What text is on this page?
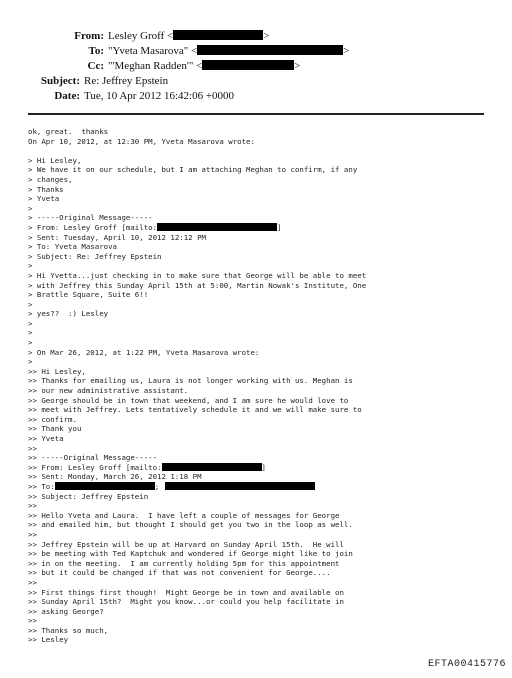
From: Lesley Groff <	>
To: "Yveta Masarova" <	>
Cc: "'Meghan Radden'" <	>
Subject: Re: Jeffrey Epstein
Date: Tue, 10 Apr 2012 16:42:06 +0000
ok, great.  thanks
On Apr 10, 2012, at 12:30 PM, Yveta Masarova wrote:
> Hi Lesley,
> We have it on our schedule, but I am attaching Meghan to confirm, if any
> changes,
> Thanks
> Yveta
>
> -----Original Message-----
> From: Lesley Groff [mailto:	]
> Sent: Tuesday, April 10, 2012 12:12 PM
> To: Yveta Masarova
> Subject: Re: Jeffrey Epstein
>
> Hi Yvetta...just checking in to make sure that George will be able to meet
> with Jeffrey this Sunday April 15th at 5:00, Martin Nowak's Institute, One
> Brattle Square, Suite 6!!
>
> yes??  :) Lesley
>
>
>
> On Mar 26, 2012, at 1:22 PM, Yveta Masarova wrote:
>
>> Hi Lesley,
>> Thanks for emailing us, Laura is not longer working with us. Meghan is
>> our new administrative assistant.
>> George should be in town that weekend, and I am sure he would love to
>> meet with Jeffrey. Lets tentatively schedule it and we will make sure to
>> confirm.
>> Thank you
>> Yveta
>>
>> -----Original Message-----
>> From: Lesley Groff [mailto:	]
>> Sent: Monday, March 26, 2012 1:18 PM
>> To:	;
>> Subject: Jeffrey Epstein
>>
>> Hello Yveta and Laura.  I have left a couple of messages for George
>> and emailed him, but thought I should get you two in the loop as well.
>>
>> Jeffrey Epstein will be up at Harvard on Sunday April 15th.  He will
>> be meeting with Ted Kaptchuk and wondered if George might like to join
>> in on the meeting.  I am currently holding 5pm for this appointment
>> but it could be changed if that was not convenient for George....
>>
>> First things first though!  Might George be in town and available on
>> Sunday April 15th?  Might you know...or could you help facilitate in
>> asking George?
>>
>> Thanks so much,
>> Lesley
EFTA00415776
